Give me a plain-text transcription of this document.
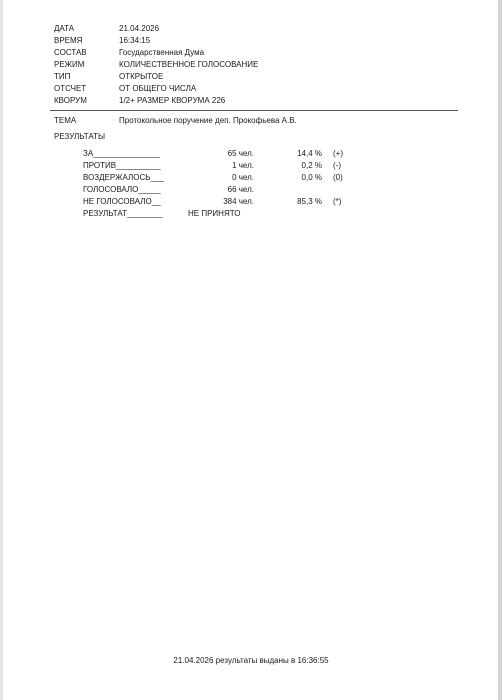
ДАТА	21.04.2026
ВРЕМЯ	16:34:15
СОСТАВ	Государственная Дума
РЕЖИМ	КОЛИЧЕСТВЕННОЕ ГОЛОСОВАНИЕ
ТИП	ОТКРЫТОЕ
ОТСЧЕТ	ОТ ОБЩЕГО ЧИСЛА
КВОРУМ	1/2+ РАЗМЕР КВОРУМА 226
ТЕМА	Протокольное поручение деп. Прокофьева А.В.
РЕЗУЛЬТАТЫ
ЗА_______________	65 чел.	14,4 % (+)
ПРОТИВ__________	1 чел.	0,2 % (-)
ВОЗДЕРЖАЛОСЬ___	0 чел.	0,0 % (0)
ГОЛОСОВАЛО_____	66 чел.
НЕ ГОЛОСОВАЛО__	384 чел.	85,3 % (*)
РЕЗУЛЬТАТ________	НЕ ПРИНЯТО
21.04.2026 результаты выданы в 16:36:55
